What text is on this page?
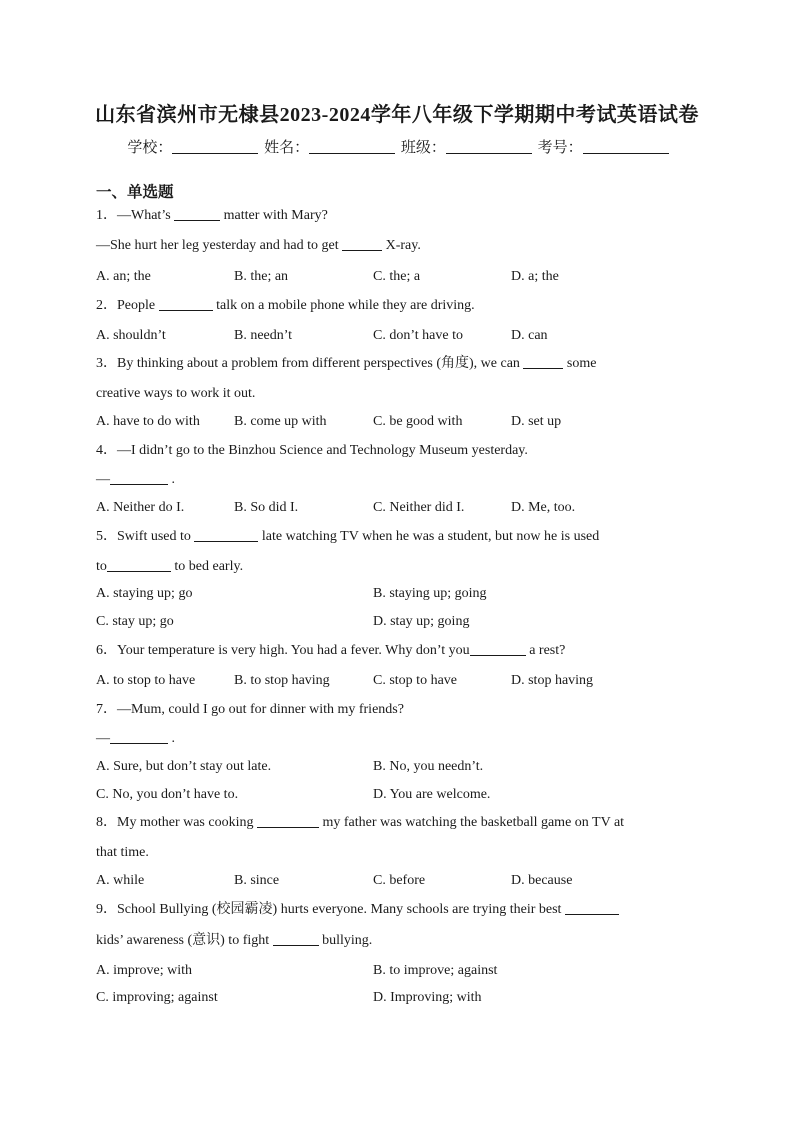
山东省滨州市无棣县2023-2024学年八年级下学期期中考试英语试卷
学校：	姓名：	班级：	考号：
一、单选题
1．—What’s	matter with Mary?
—She hurt her leg yesterday and had to get	X-ray.
A. an; the	B. the; an	C. the; a	D. a; the
2．People	talk on a mobile phone while they are driving.
A. shouldn’t	B. needn’t	C. don’t have to	D. can
3．By thinking about a problem from different perspectives (角度), we can	some
creative ways to work it out.
A. have to do with B. come up with	C. be good with	D. set up
4．—I didn’t go to the Binzhou Science and Technology Museum yesterday.
—	.
A. Neither do I.	B. So did I.	C. Neither did I.	D. Me, too.
5．Swift used to	late watching TV when he was a student, but now he is used
to	to bed early.
A. staying up; go	B. staying up; going
C. stay up; go	D. stay up; going
6．Your temperature is very high. You had a fever. Why don’t you	a rest?
A. to stop to have	B. to stop having	C. stop to have	D. stop having
7．—Mum, could I go out for dinner with my friends?
—	.
A. Sure, but don’t stay out late.	B. No, you needn’t.
C. No, you don’t have to.	D. You are welcome.
8．My mother was cooking	my father was watching the basketball game on TV at
that time.
A. while	B. since	C. before	D. because
9．School Bullying (校园霸凌) hurts everyone. Many schools are trying their best
kids’ awareness (意识) to fight	bullying.
A. improve; with	B. to improve; against
C. improving; against	D. Improving; with
